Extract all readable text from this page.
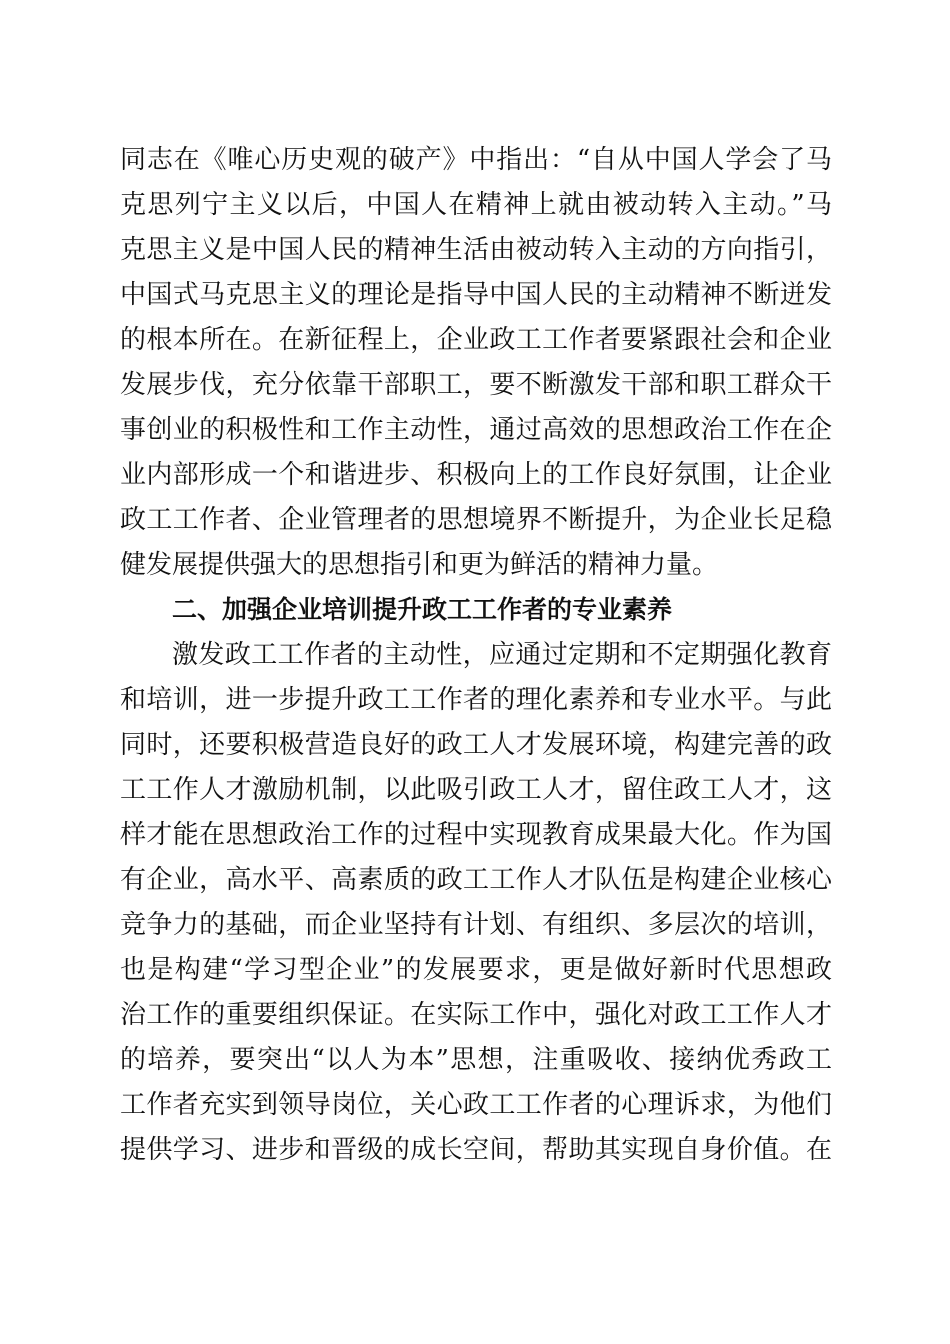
同志在《唯心历史观的破产》中指出：“自从中国人学会了马
克思列宁主义以后，中国人在精神上就由被动转入主动。”马
克思主义是中国人民的精神生活由被动转入主动的方向指引，
中国式马克思主义的理论是指导中国人民的主动精神不断迸发
的根本所在。在新征程上，企业政工工作者要紧跟社会和企业
发展步伐，充分依靠干部职工，要不断激发干部和职工群众干
事创业的积极性和工作主动性，通过高效的思想政治工作在企
业内部形成一个和谐进步、积极向上的工作良好氛围，让企业
政工工作者、企业管理者的思想境界不断提升，为企业长足稳
健发展提供强大的思想指引和更为鲜活的精神力量。
二、加强企业培训提升政工工作者的专业素养
激发政工工作者的主动性，应通过定期和不定期强化教育
和培训，进一步提升政工工作者的理化素养和专业水平。与此
同时，还要积极营造良好的政工人才发展环境，构建完善的政
工工作人才激励机制，以此吸引政工人才，留住政工人才，这
样才能在思想政治工作的过程中实现教育成果最大化。作为国
有企业，高水平、高素质的政工工作人才队伍是构建企业核心
竞争力的基础，而企业坚持有计划、有组织、多层次的培训，
也是构建“学习型企业”的发展要求，更是做好新时代思想政
治工作的重要组织保证。在实际工作中，强化对政工工作人才
的培养，要突出“以人为本”思想，注重吸收、接纳优秀政工
工作者充实到领导岗位，关心政工工作者的心理诉求，为他们
提供学习、进步和晋级的成长空间，帮助其实现自身价值。在
